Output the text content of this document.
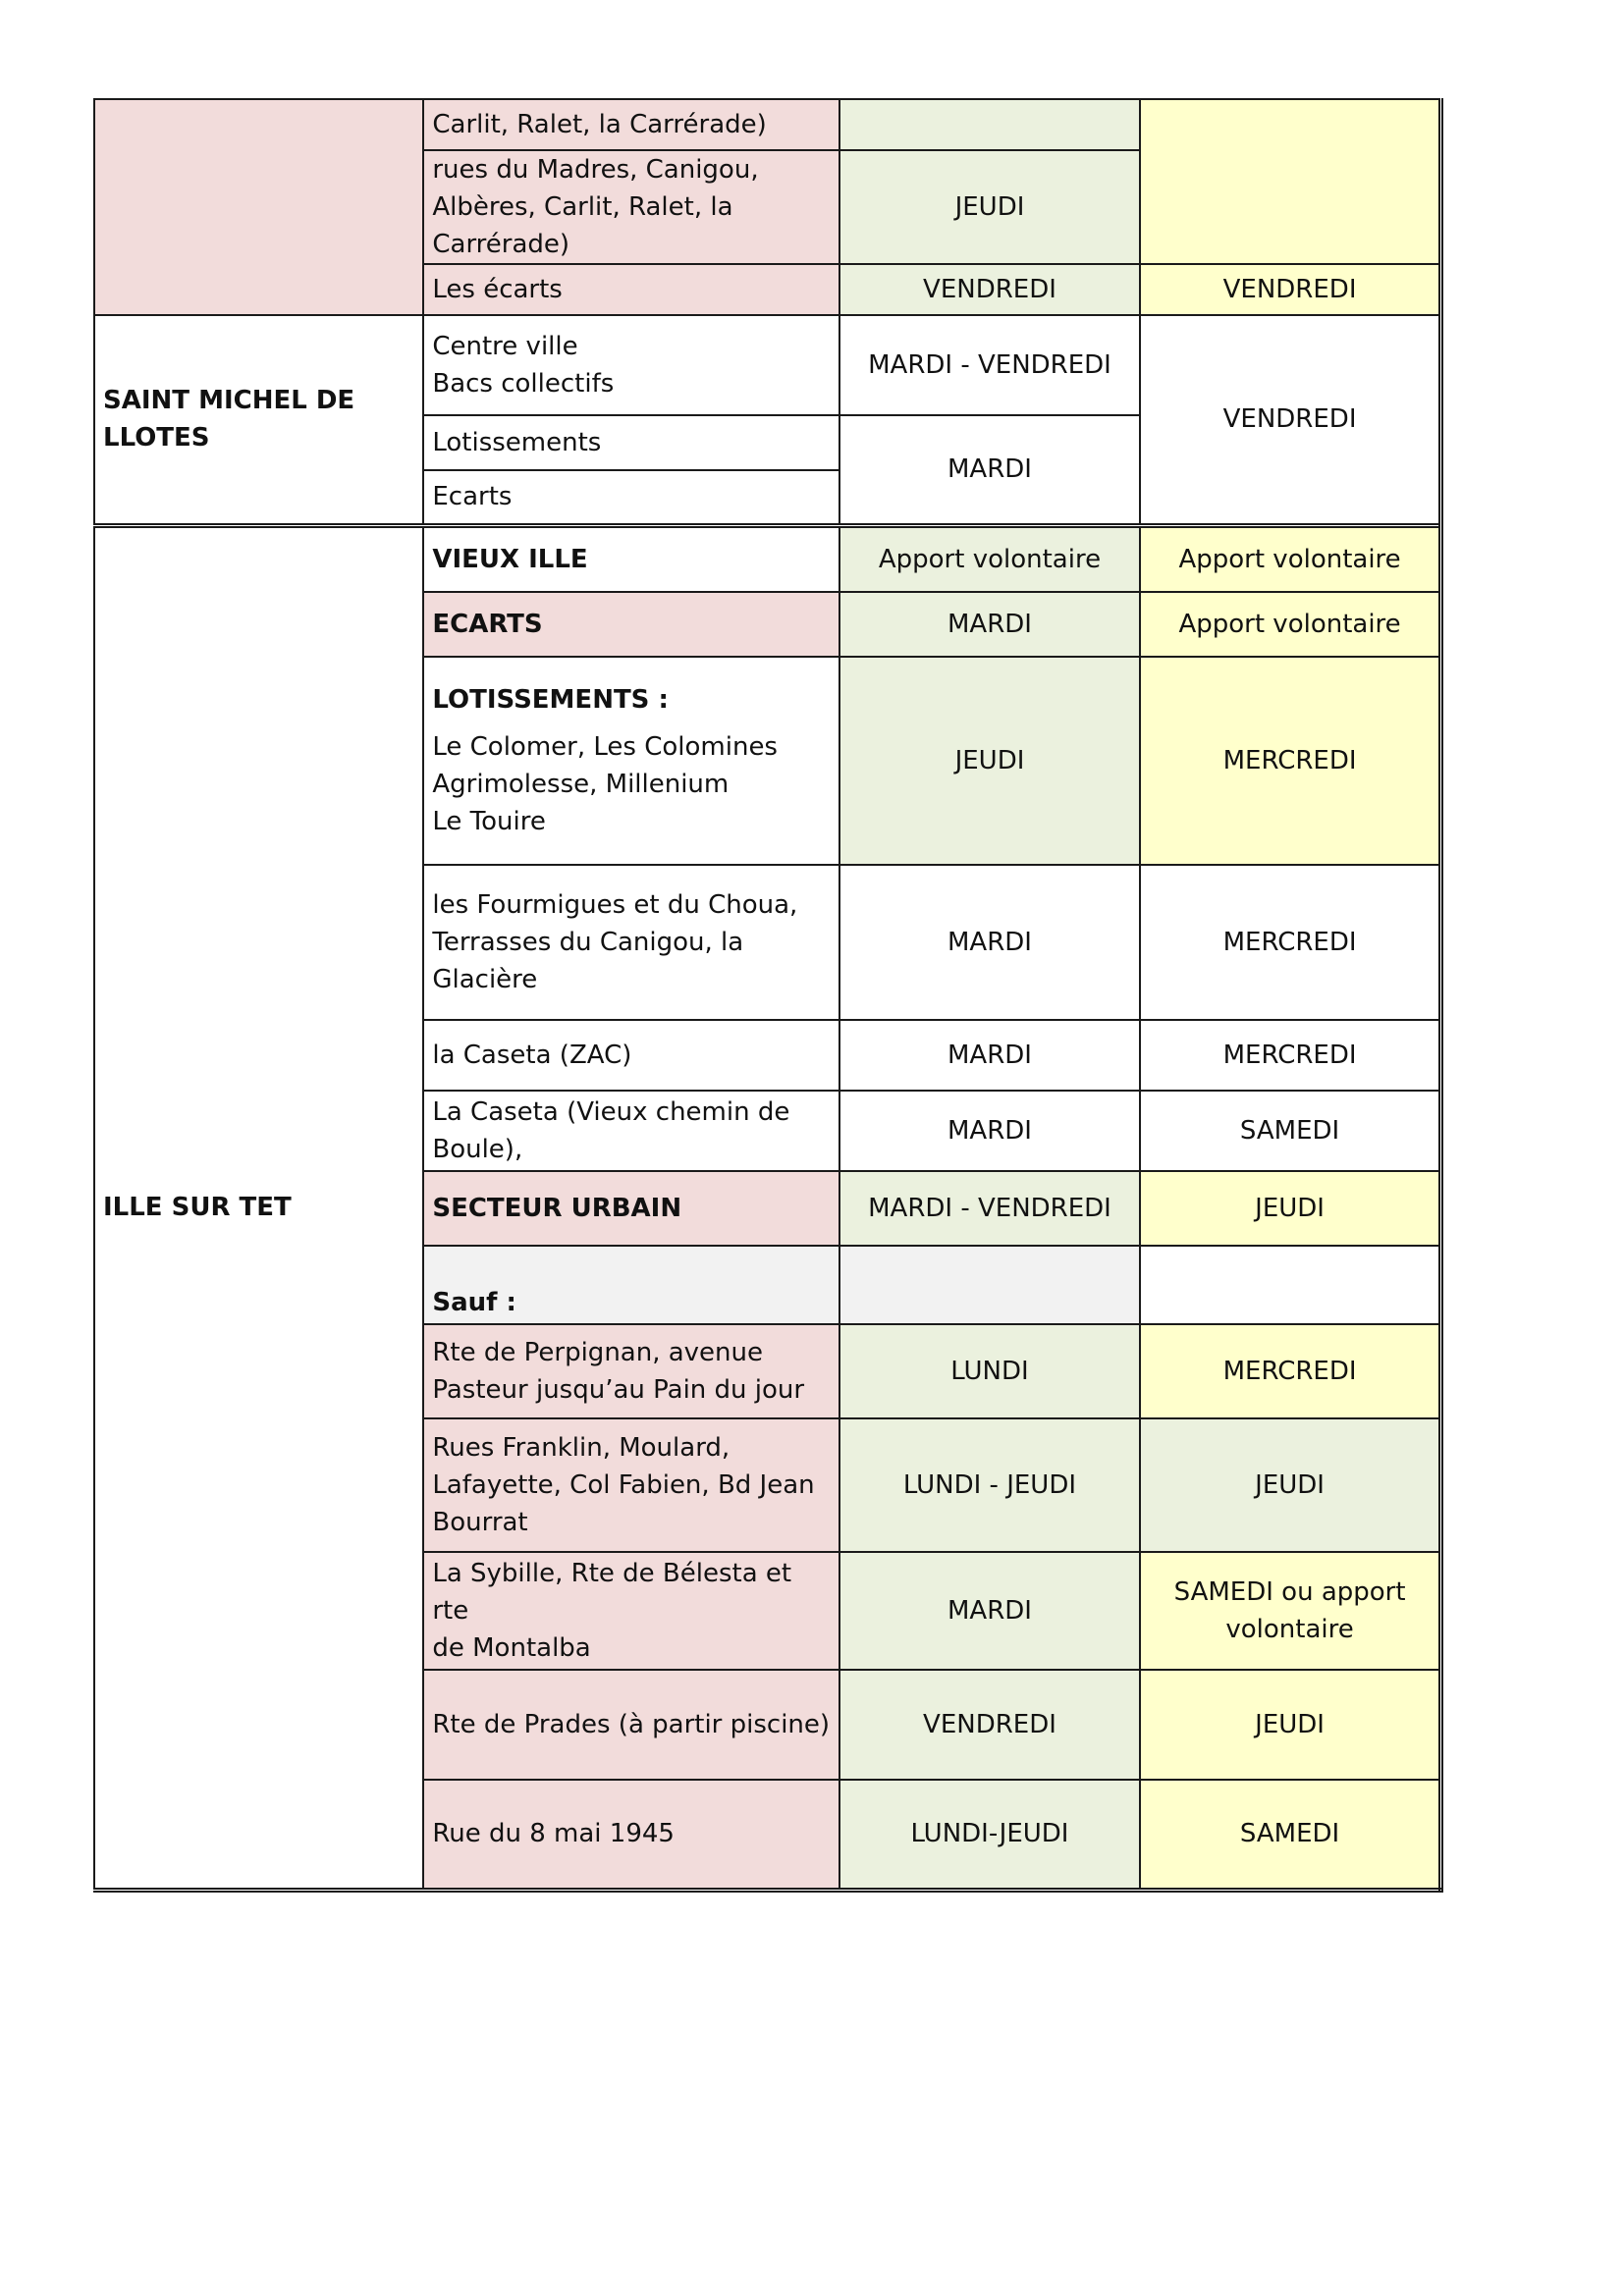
	Carlit, Ralet, la Carrérade)		
	rues du Madres, Canigou,
Albères, Carlit, Ralet, la
Carrérade)	JEUDI	
	Les écarts	VENDREDI	VENDREDI
SAINT MICHEL DE
LLOTES	Centre ville
Bacs collectifs	MARDI - VENDREDI	VENDREDI
	Lotissements	MARDI	
	Ecarts		
ILLE SUR TET	VIEUX ILLE	Apport volontaire	Apport volontaire
	ECARTS	MARDI	Apport volontaire

	LOTISSEMENTS :
Le Colomer, Les Colomines
Agrimolesse, Millenium
Le Touire	JEUDI	MERCREDI
	les Fourmigues et du Choua,
Terrasses du Canigou, la
Glacière	MARDI	MERCREDI
	la Caseta (ZAC)	MARDI	MERCREDI
	La Caseta (Vieux chemin de
Boule),	MARDI	SAMEDI
	SECTEUR URBAIN	MARDI - VENDREDI	JEUDI
	Sauf :		
	Rte de Perpignan, avenue
Pasteur jusqu’au Pain du jour	LUNDI	MERCREDI
	Rues Franklin, Moulard,
Lafayette, Col Fabien, Bd Jean
Bourrat	LUNDI - JEUDI	JEUDI
	La Sybille, Rte de Bélesta et rte
de Montalba	MARDI	SAMEDI ou apport
volontaire
	Rte de Prades (à partir piscine)	VENDREDI	JEUDI
	Rue du 8 mai 1945	LUNDI-JEUDI	SAMEDI
